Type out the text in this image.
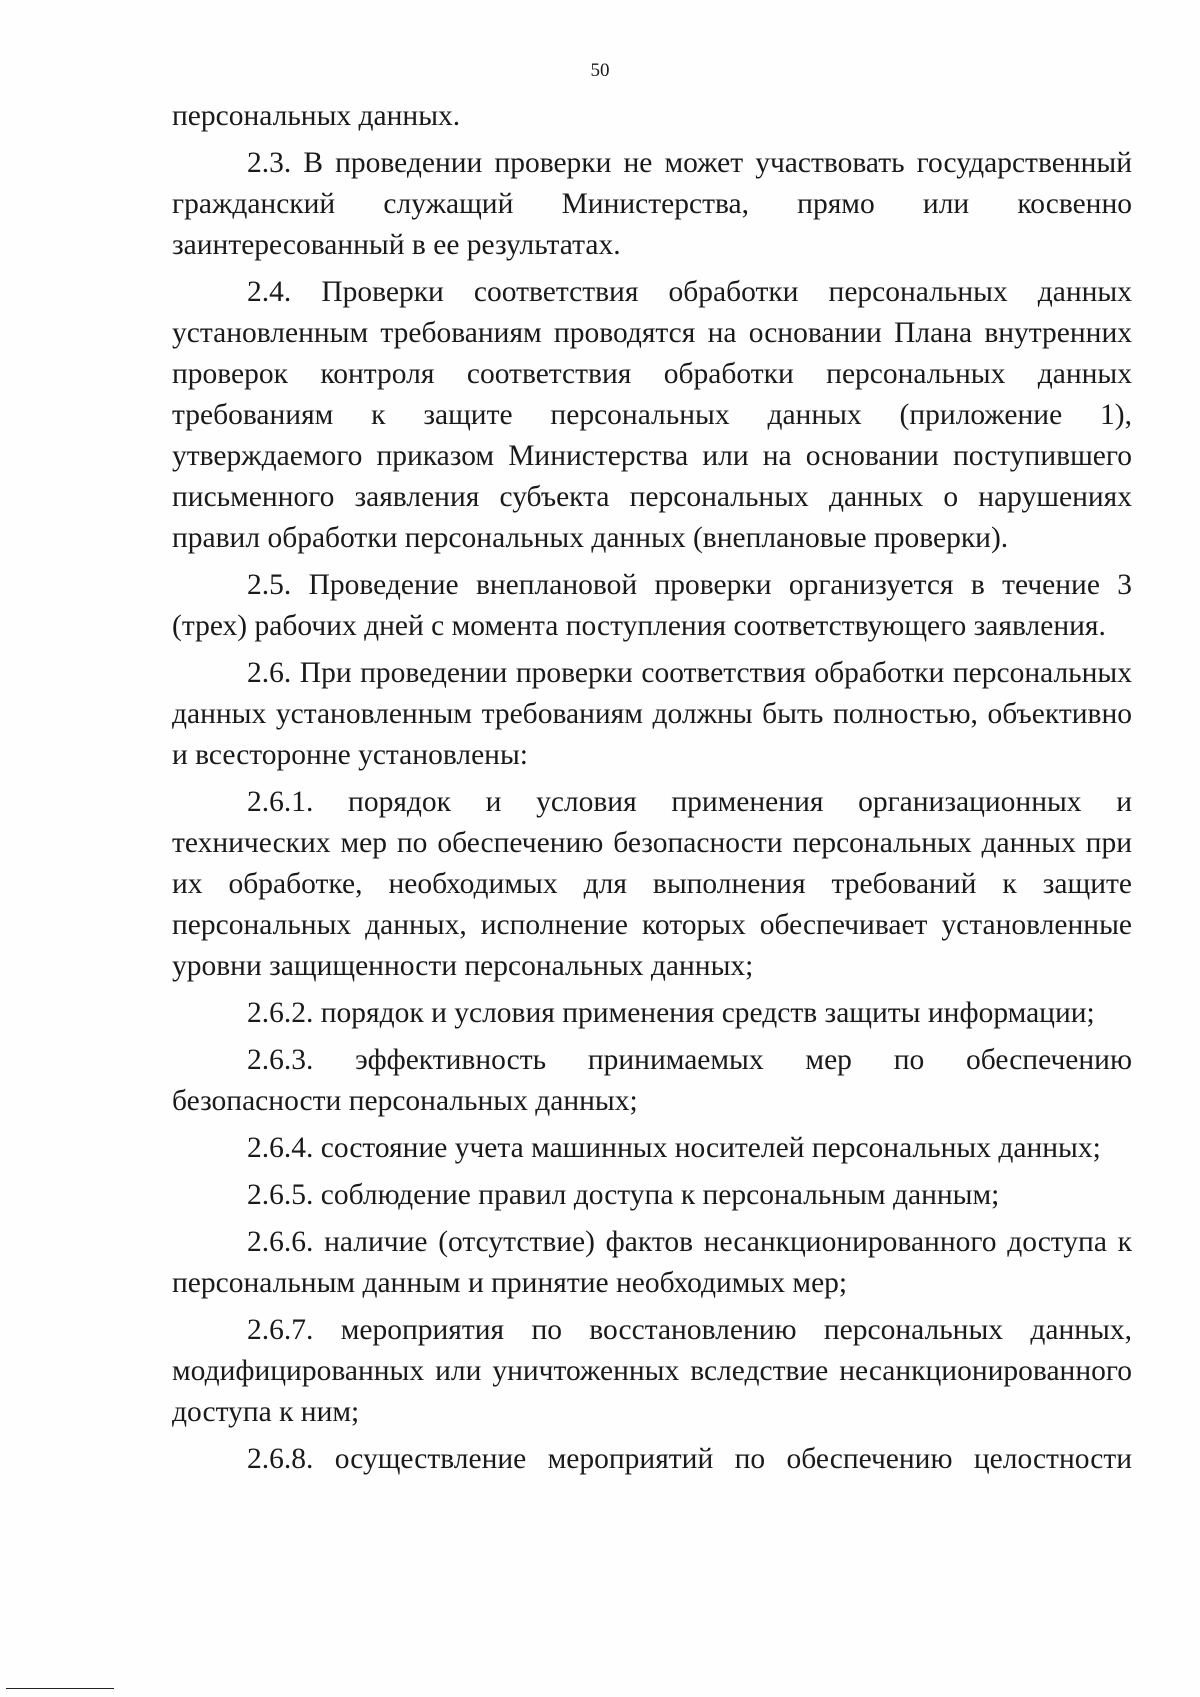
50

персональных данных.

2.3. В проведении проверки не может участвовать государственный гражданский служащий Министерства, прямо или косвенно заинтересованный в ее результатах.

2.4. Проверки соответствия обработки персональных данных установленным требованиям проводятся на основании Плана внутренних проверок контроля соответствия обработки персональных данных требованиям к защите персональных данных (приложение 1), утверждаемого приказом Министерства или на основании поступившего письменного заявления субъекта персональных данных о нарушениях правил обработки персональных данных (внеплановые проверки).

2.5. Проведение внеплановой проверки организуется в течение 3 (трех) рабочих дней с момента поступления соответствующего заявления.

2.6. При проведении проверки соответствия обработки персональных данных установленным требованиям должны быть полностью, объективно и всесторонне установлены:

2.6.1. порядок и условия применения организационных и технических мер по обеспечению безопасности персональных данных при их обработке, необходимых для выполнения требований к защите персональных данных, исполнение которых обеспечивает установленные уровни защищенности персональных данных;

2.6.2. порядок и условия применения средств защиты информации;

2.6.3. эффективность принимаемых мер по обеспечению безопасности персональных данных;

2.6.4. состояние учета машинных носителей персональных данных;

2.6.5. соблюдение правил доступа к персональным данным;

2.6.6. наличие (отсутствие) фактов несанкционированного доступа к персональным данным и принятие необходимых мер;

2.6.7. мероприятия по восстановлению персональных данных, модифицированных или уничтоженных вследствие несанкционированного доступа к ним;

2.6.8. осуществление мероприятий по обеспечению целостности
